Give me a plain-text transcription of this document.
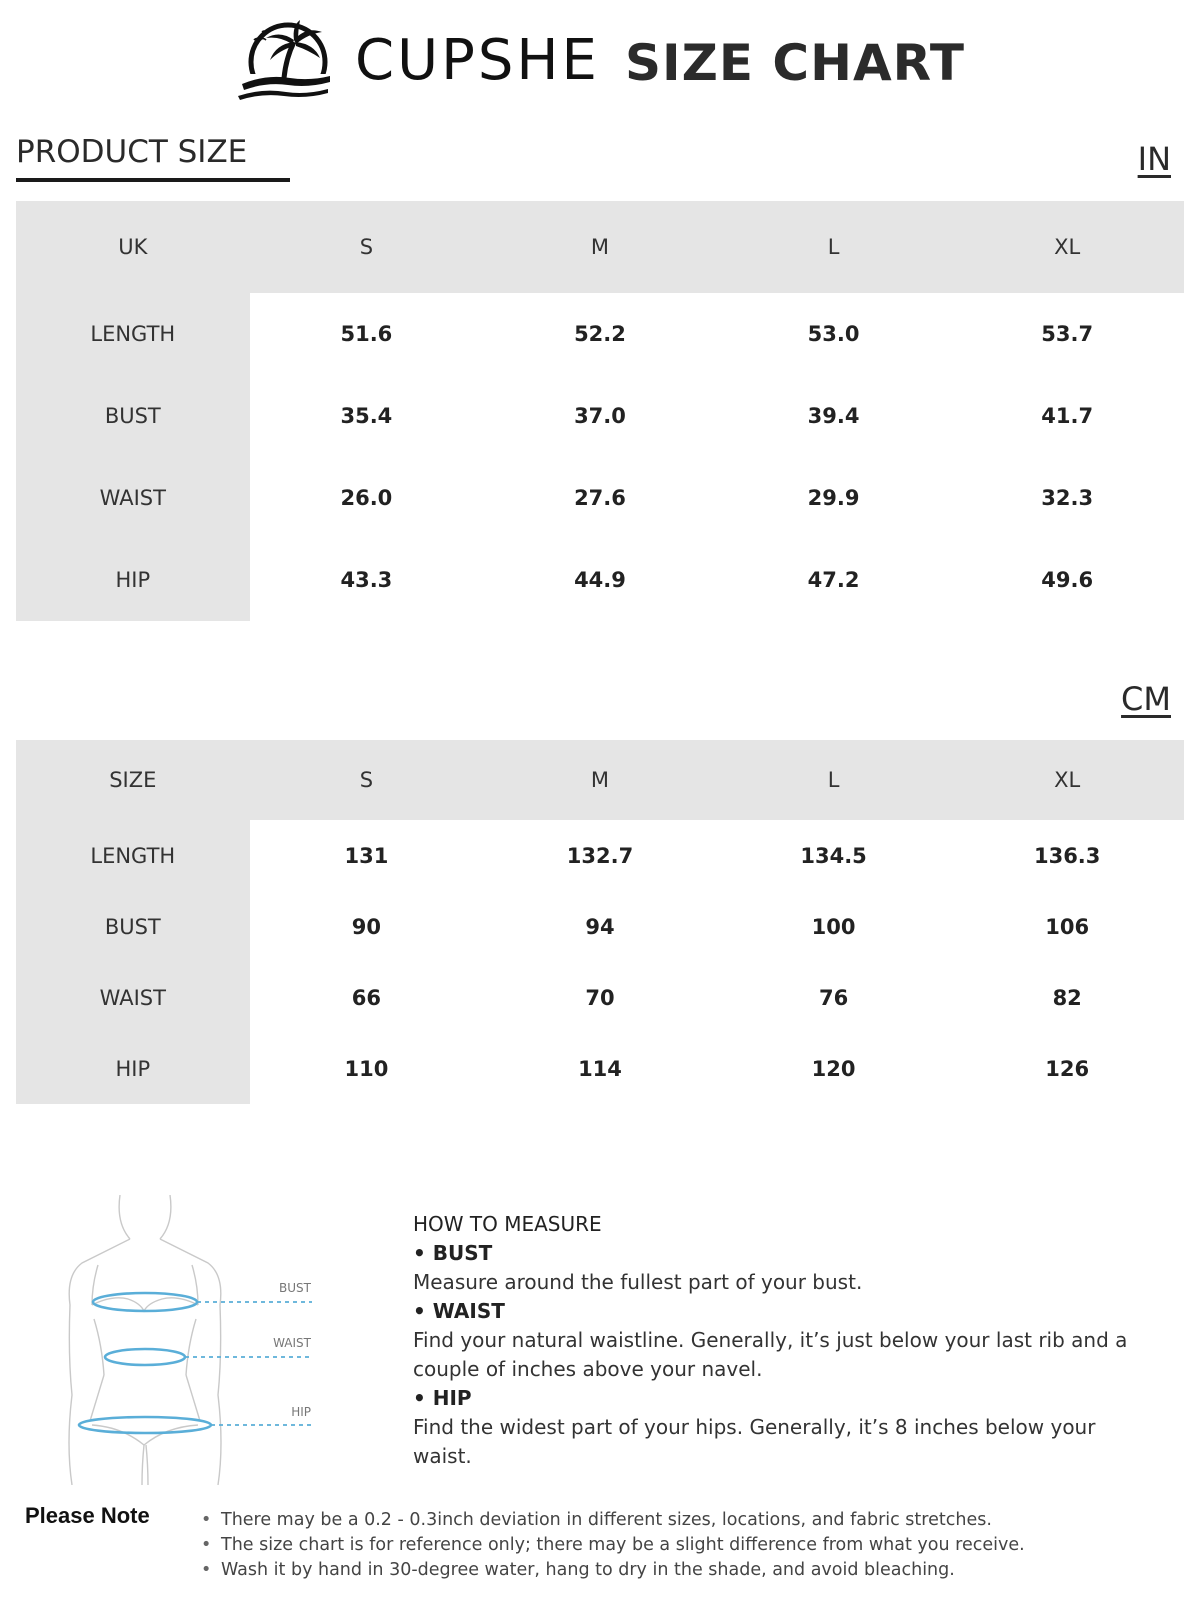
CUPSHE SIZE CHART
PRODUCT SIZE	IN
UK	S	M	L	XL
LENGTH	51.6	52.2	53.0	53.7
BUST	35.4	37.0	39.4	41.7
WAIST	26.0	27.6	29.9	32.3
HIP	43.3	44.9	47.2	49.6
CM
SIZE	S	M	L	XL
LENGTH	131	132.7	134.5	136.3
BUST	90	94	100	106
WAIST	66	70	76	82
HIP	110	114	120	126
BUST
WAIST
HIP

HOW TO MEASURE

• BUST

Measure around the fullest part of your bust.

• WAIST

Find your natural waistline. Generally, it’s just below your last rib and a couple of inches above your navel.

• HIP

Find the widest part of your hips. Generally, it’s 8 inches below your waist.

Please Note	• There may be a 0.2 - 0.3inch deviation in different sizes, locations, and fabric stretches.
• The size chart is for reference only; there may be a slight difference from what you receive.
• Wash it by hand in 30-degree water, hang to dry in the shade, and avoid bleaching.
